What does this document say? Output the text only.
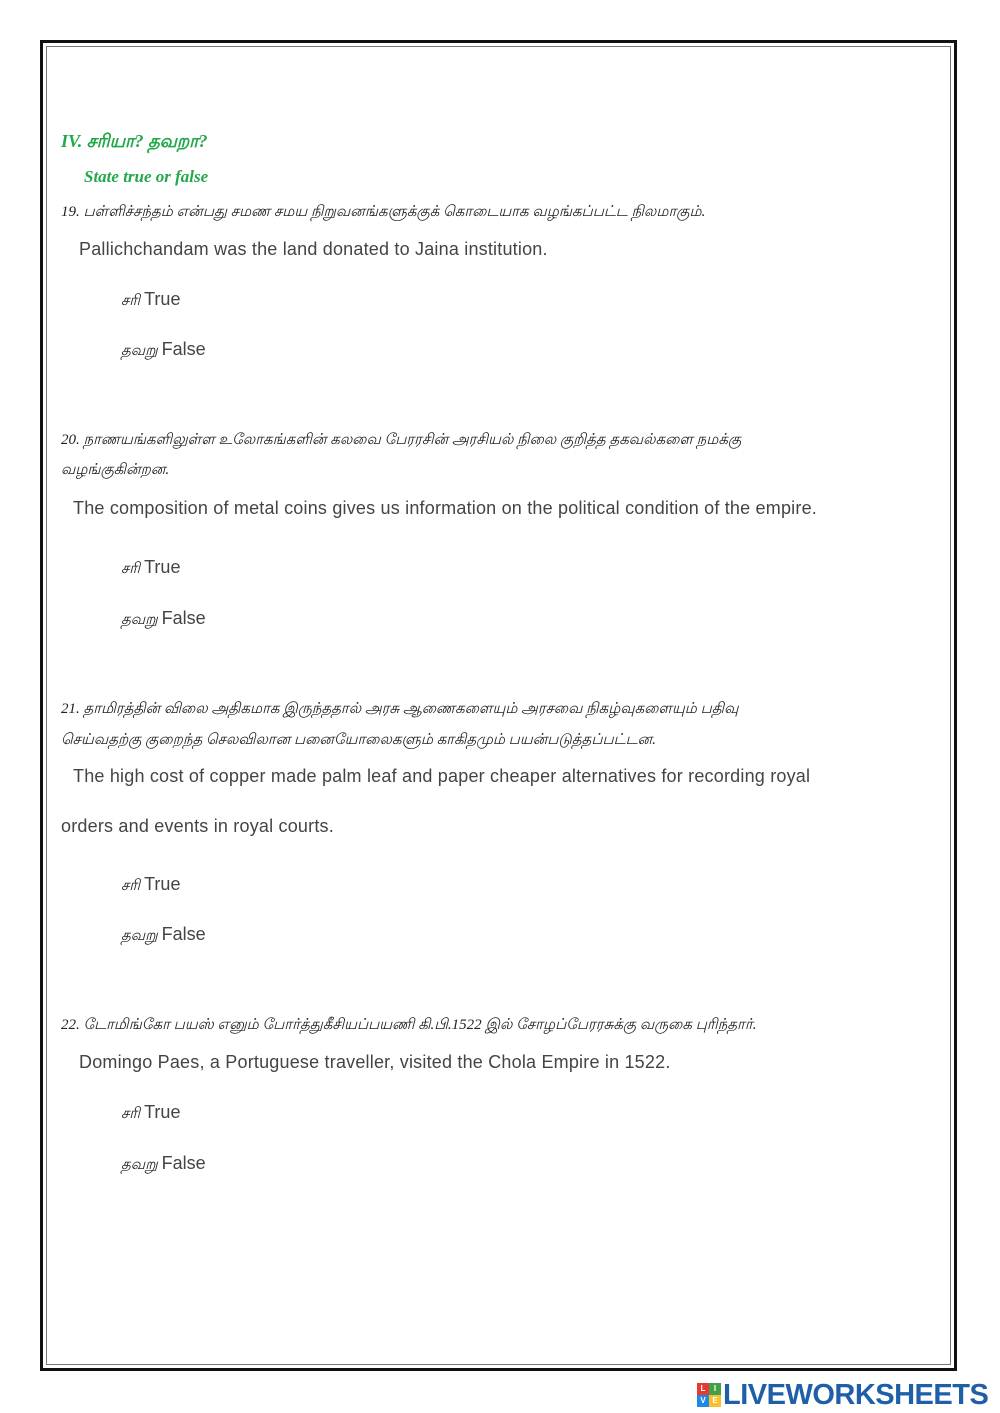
IV. சரியா? தவறா?
State true or false
19. பள்ளிச்சந்தம் என்பது சமண சமய நிறுவனங்களுக்குக் கொடையாக வழங்கப்பட்ட நிலமாகும்.
Pallichchandam was the land donated to Jaina institution.
சரி True
தவறு False
20. நாணயங்களிலுள்ள உலோகங்களின் கலவை பேரரசின் அரசியல் நிலை குறித்த தகவல்களை நமக்கு
வழங்குகின்றன.
The composition of metal coins gives us information on the political condition of the empire.
சரி True
தவறு False
21. தாமிரத்தின் விலை அதிகமாக இருந்ததால் அரசு ஆணைகளையும் அரசவை நிகழ்வுகளையும் பதிவு
செய்வதற்கு குறைந்த செலவிலான பனையோலைகளும் காகிதமும் பயன்படுத்தப்பட்டன.
The high cost of copper made palm leaf and paper cheaper alternatives for recording royal
orders and events in royal courts.
சரி True
தவறு False
22. டோமிங்கோ பயஸ் எனும் போர்த்துகீசியப்பயணி கி.பி.1522 இல் சோழப்பேரரசுக்கு வருகை புரிந்தார்.
Domingo Paes, a Portuguese traveller, visited the Chola Empire in 1522.
சரி True
தவறு False
L	I
V E LIVEWORKSHEETS
